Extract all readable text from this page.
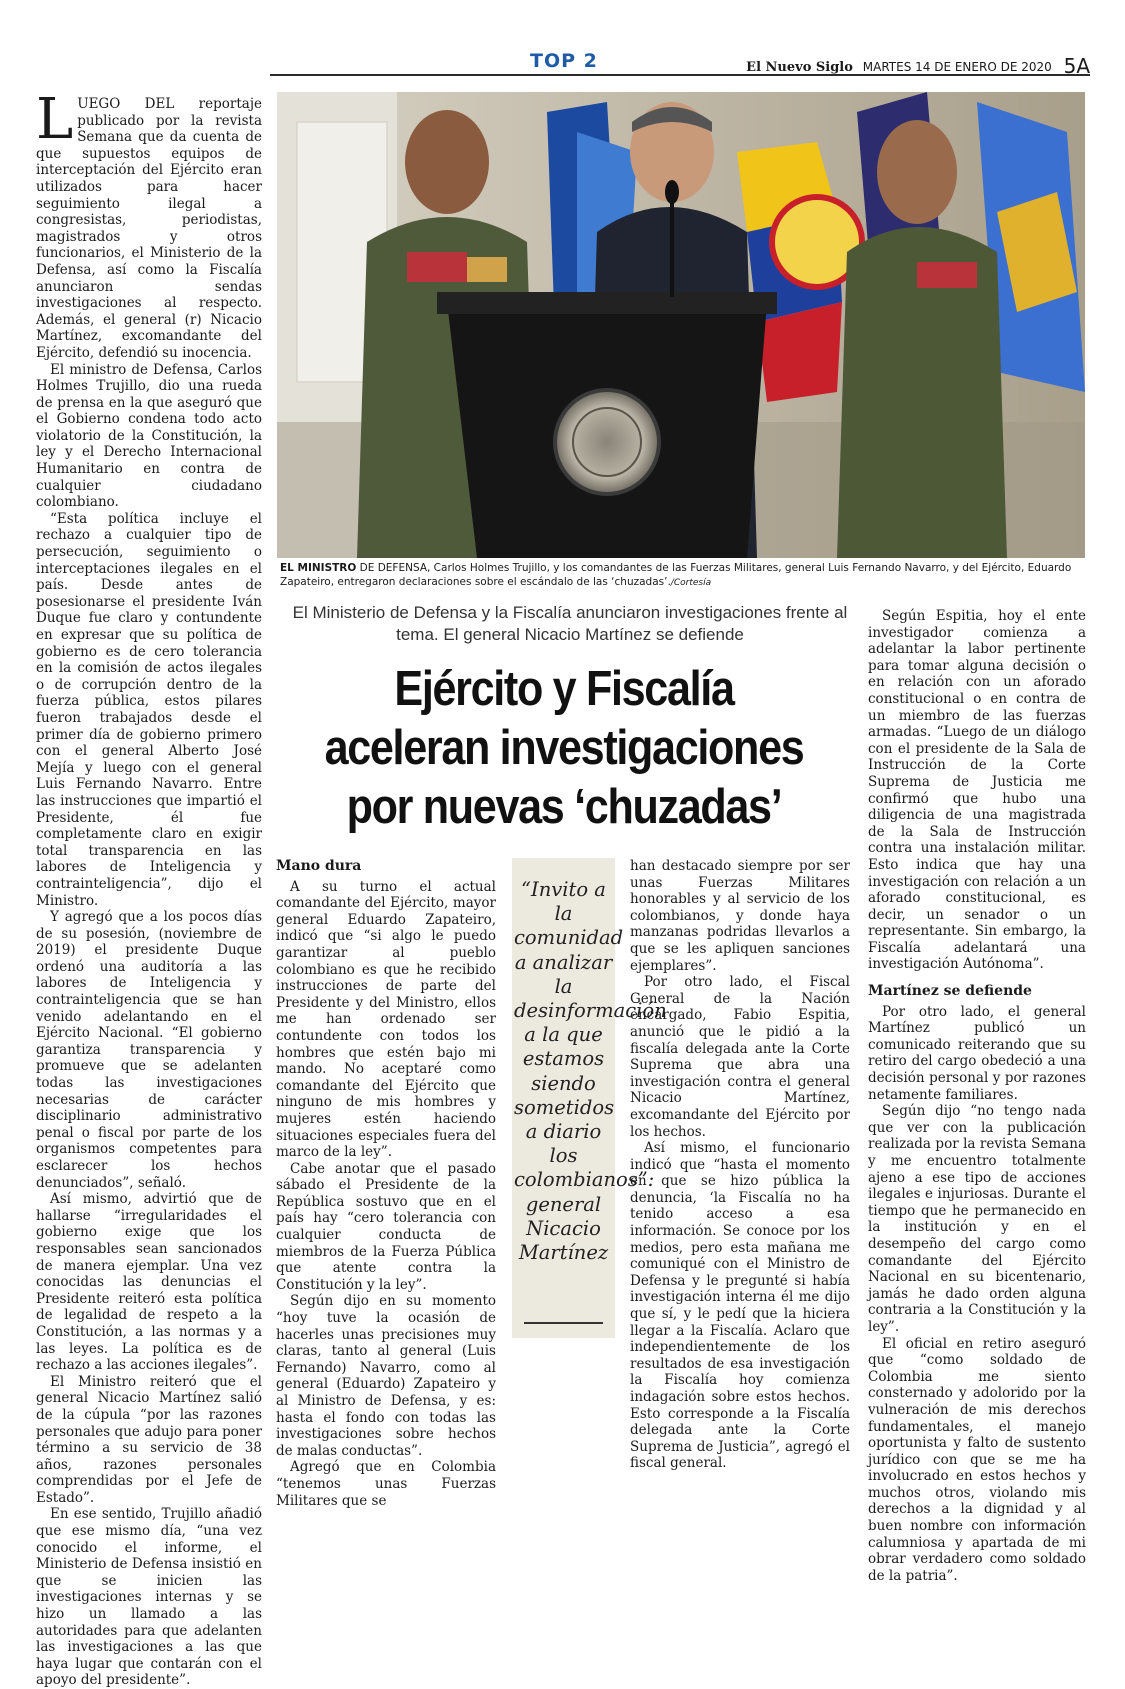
TOP 2	El Nuevo Siglo MARTES 14 DE ENERO DE 2020 5A

LUEGO DEL reportaje publicado por la revista Semana que da cuenta de que supuestos equipos de interceptación del Ejército eran utilizados para hacer seguimiento ilegal a congresistas, periodistas, magistrados y otros funcionarios, el Ministerio de la Defensa, así como la Fiscalía anunciaron sendas investigaciones al respecto. Además, el general (r) Nicacio Martínez, excomandante del Ejército, defendió su inocencia.

El ministro de Defensa, Carlos Holmes Trujillo, dio una rueda de prensa en la que aseguró que el Gobierno condena todo acto violatorio de la Constitución, la ley y el Derecho Internacional Humanitario en contra de cualquier ciudadano colombiano.

“Esta política incluye el rechazo a cualquier tipo de persecución, seguimiento o interceptaciones ilegales en el país. Desde antes de posesionarse el presidente Iván Duque fue claro y contundente en expresar que su política de gobierno es de cero tolerancia en la comisión de actos ilegales o de corrupción dentro de la fuerza pública, estos pilares fueron trabajados desde el primer día de gobierno primero con el general Alberto José Mejía y luego con el general Luis Fernando Navarro. Entre las instrucciones que impartió el Presidente, él fue completamente claro en exigir total transparencia en las labores de Inteligencia y contrainteligencia”, dijo el Ministro.

Y agregó que a los pocos días de su posesión, (noviembre de 2019) el presidente Duque ordenó una auditoría a las labores de Inteligencia y contrainteligencia que se han venido adelantando en el Ejército Nacional. “El gobierno garantiza transparencia y promueve que se adelanten todas las investigaciones necesarias de carácter disciplinario administrativo penal o fiscal por parte de los organismos competentes para esclarecer los hechos denunciados”, señaló.

Así mismo, advirtió que de hallarse “irregularidades el gobierno exige que los responsables sean sancionados de manera ejemplar. Una vez conocidas las denuncias el Presidente reiteró esta política de legalidad de respeto a la Constitución, a las normas y a las leyes. La política es de rechazo a las acciones ilegales”.

El Ministro reiteró que el general Nicacio Martínez salió de la cúpula “por las razones personales que adujo para poner término a su servicio de 38 años, razones personales comprendidas por el Jefe de Estado”.

En ese sentido, Trujillo añadió que ese mismo día, “una vez conocido el informe, el Ministerio de Defensa insistió en que se inicien las investigaciones internas y se hizo un llamado a las autoridades para que adelanten las investigaciones a las que haya lugar que contarán con el apoyo del presidente”.

EL MINISTRO DE DEFENSA, Carlos Holmes Trujillo, y los comandantes de las Fuerzas Militares, general Luis Fernando Navarro, y del Ejército, Eduardo Zapateiro, entregaron declaraciones sobre el escándalo de las ‘chuzadas’./Cortesía
El Ministerio de Defensa y la Fiscalía anunciaron investigaciones frente al tema. El general Nicacio Martínez se defiende
Ejército y Fiscalía aceleran investigaciones por nuevas ‘chuzadas’

Mano dura

A su turno el actual comandante del Ejército, mayor general Eduardo Zapateiro, indicó que “si algo le puedo garantizar al pueblo colombiano es que he recibido instrucciones de parte del Presidente y del Ministro, ellos me han ordenado ser contundente con todos los hombres que estén bajo mi mando. No aceptaré como comandante del Ejército que ninguno de mis hombres y mujeres estén haciendo situaciones especiales fuera del marco de la ley”.

Cabe anotar que el pasado sábado el Presidente de la República sostuvo que en el país hay “cero tolerancia con cualquier conducta de miembros de la Fuerza Pública que atente contra la Constitución y la ley”.

Según dijo en su momento “hoy tuve la ocasión de hacerles unas precisiones muy claras, tanto al general (Luis Fernando) Navarro, como al general (Eduardo) Zapateiro y al Ministro de Defensa, y es: hasta el fondo con todas las investigaciones sobre hechos de malas conductas”.

Agregó que en Colombia “tenemos unas Fuerzas Militares que se

“Invito a la comunidad a analizar la desinformación a la que estamos siendo sometidos a diario los colombianos”: general Nicacio Martínez

han destacado siempre por ser unas Fuerzas Militares honorables y al servicio de los colombianos, y donde haya manzanas podridas llevarlos a que se les apliquen sanciones ejemplares”.

Por otro lado, el Fiscal General de la Nación encargado, Fabio Espitia, anunció que le pidió a la fiscalía delegada ante la Corte Suprema que abra una investigación contra el general Nicacio Martínez, excomandante del Ejército por los hechos.

Así mismo, el funcionario indicó que “hasta el momento en que se hizo pública la denuncia, ‘la Fiscalía no ha tenido acceso a esa información. Se conoce por los medios, pero esta mañana me comuniqué con el Ministro de Defensa y le pregunté si había investigación interna él me dijo que sí, y le pedí que la hiciera llegar a la Fiscalía. Aclaro que independientemente de los resultados de esa investigación la Fiscalía hoy comienza indagación sobre estos hechos. Esto corresponde a la Fiscalía delegada ante la Corte Suprema de Justicia”, agregó el fiscal general.

Según Espitia, hoy el ente investigador comienza a adelantar la labor pertinente para tomar alguna decisión o en relación con un aforado constitucional o en contra de un miembro de las fuerzas armadas. “Luego de un diálogo con el presidente de la Sala de Instrucción de la Corte Suprema de Justicia me confirmó que hubo una diligencia de una magistrada de la Sala de Instrucción contra una instalación militar. Esto indica que hay una investigación con relación a un aforado constitucional, es decir, un senador o un representante. Sin embargo, la Fiscalía adelantará una investigación Autónoma”.

Martínez se defiende

Por otro lado, el general Martínez publicó un comunicado reiterando que su retiro del cargo obedeció a una decisión personal y por razones netamente familiares.

Según dijo “no tengo nada que ver con la publicación realizada por la revista Semana y me encuentro totalmente ajeno a ese tipo de acciones ilegales e injuriosas. Durante el tiempo que he permanecido en la institución y en el desempeño del cargo como comandante del Ejército Nacional en su bicentenario, jamás he dado orden alguna contraria a la Constitución y la ley”.

El oficial en retiro aseguró que “como soldado de Colombia me siento consternado y adolorido por la vulneración de mis derechos fundamentales, el manejo oportunista y falto de sustento jurídico con que se me ha involucrado en estos hechos y muchos otros, violando mis derechos a la dignidad y al buen nombre con información calumniosa y apartada de mi obrar verdadero como soldado de la patria”.
